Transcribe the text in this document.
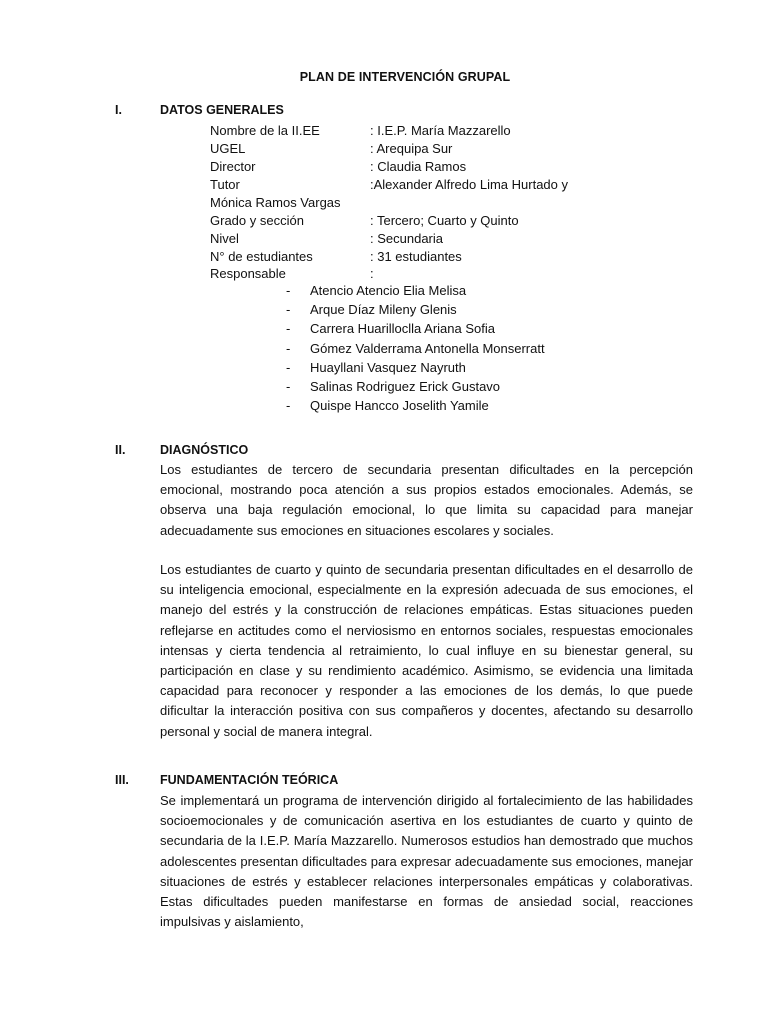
PLAN DE INTERVENCIÓN GRUPAL
I.	DATOS GENERALES
Nombre de la II.EE	: I.E.P. María Mazzarello
UGEL	: Arequipa Sur
Director	: Claudia Ramos
Tutor	:Alexander Alfredo Lima Hurtado y
Mónica Ramos Vargas
Grado y sección	: Tercero; Cuarto y Quinto
Nivel	: Secundaria
N° de estudiantes	: 31 estudiantes
Responsable	:
- Atencio Atencio Elia Melisa
- Arque Díaz Mileny Glenis
- Carrera Huarilloclla Ariana Sofia
- Gómez Valderrama Antonella Monserratt
- Huayllani Vasquez Nayruth
- Salinas Rodriguez Erick Gustavo
- Quispe Hancco Joselith Yamile
II.	DIAGNÓSTICO

Los estudiantes de tercero de secundaria presentan dificultades en la percepción emocional, mostrando poca atención a sus propios estados emocionales. Además, se observa una baja regulación emocional, lo que limita su capacidad para manejar adecuadamente sus emociones en situaciones escolares y sociales.

Los estudiantes de cuarto y quinto de secundaria presentan dificultades en el desarrollo de su inteligencia emocional, especialmente en la expresión adecuada de sus emociones, el manejo del estrés y la construcción de relaciones empáticas. Estas situaciones pueden reflejarse en actitudes como el nerviosismo en entornos sociales, respuestas emocionales intensas y cierta tendencia al retraimiento, lo cual influye en su bienestar general, su participación en clase y su rendimiento académico. Asimismo, se evidencia una limitada capacidad para reconocer y responder a las emociones de los demás, lo que puede dificultar la interacción positiva con sus compañeros y docentes, afectando su desarrollo personal y social de manera integral.

III. FUNDAMENTACIÓN TEÓRICA

Se implementará un programa de intervención dirigido al fortalecimiento de las habilidades socioemocionales y de comunicación asertiva en los estudiantes de cuarto y quinto de secundaria de la I.E.P. María Mazzarello. Numerosos estudios han demostrado que muchos adolescentes presentan dificultades para expresar adecuadamente sus emociones, manejar situaciones de estrés y establecer relaciones interpersonales empáticas y colaborativas. Estas dificultades pueden manifestarse en formas de ansiedad social, reacciones impulsivas y aislamiento,
